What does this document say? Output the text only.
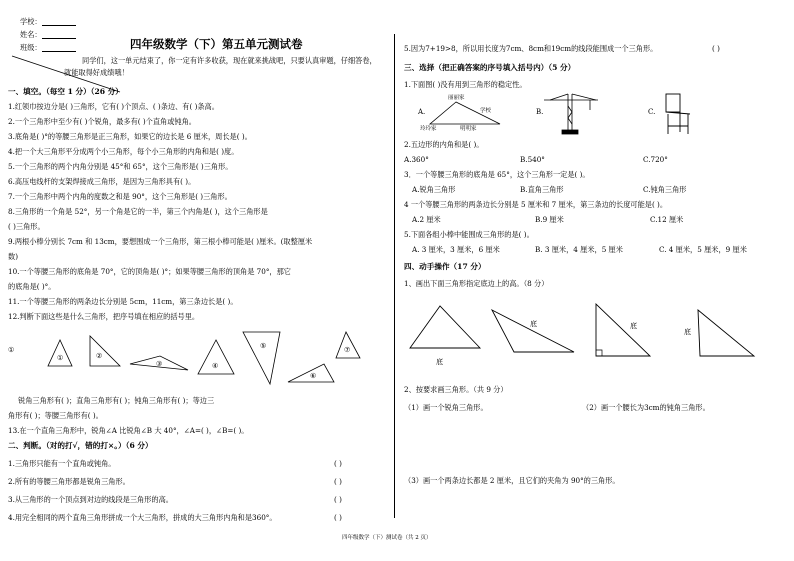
学校：
姓名：
班级：	四年级数学（下）第五单元测试卷
同学们，这一单元结束了，你一定有许多收获，现在就来挑战吧，只要认真审题，仔细答卷，
就能取得好成绩哦！
一、填空。（每空 1 分）（26 分）
1.红领巾按边分是( )三角形，它有( )个顶点、( )条边、有( )条高。
2.一个三角形中至少有( )个锐角，最多有( )个直角或钝角。
3.底角是( )°的等腰三角形是正三角形，如果它的边长是 6 厘米，周长是( )。
4.把一个大三角形平分成两个小三角形，每个小三角形的内角和是( )度。
5.一个三角形的两个内角分别是 45°和 65°，这个三角形是( )三角形。
6.高压电线杆的支架焊接成三角形，是因为三角形具有( )。
7.一个三角形中两个内角的度数之和是 90°，这个三角形是( )三角形。
8.三角形的一个角是 52°，另一个角是它的一半，第三个内角是( )，这个三角形是
( )三角形。
9.两根小棒分别长 7cm 和 13cm，要想围成一个三角形，第三根小棒可能是( )厘米。(取整厘米
数)
10.一个等腰三角形的底角是 70°，它的顶角是( )°；如果等腰三角形的顶角是 70°，那它
的底角是( )°。
11.一个等腰三角形的两条边长分别是 5cm，11cm，第三条边长是( )。
12.判断下面这些是什么三角形，把序号填在相应的括号里。
①
①	②
③	④
⑤
⑥
⑦
锐角三角形有( )；直角三角形有( )；钝角三角形有( )；等边三
角形有( )；等腰三角形有( )。
13.在一个直角三角形中，锐角∠A 比锐角∠B 大 40°，∠A=( )，∠B=( )。
二、判断。（对的打√，错的打×。）（6 分）
1.三角形只能有一个直角或钝角。	( )
2.所有的等腰三角形都是锐角三角形。	( )
3.从三角形的一个顶点到对边的线段是三角形的高。	( )
4.用完全相同的两个直角三角形拼成一个大三角形，拼成的大三角形内角和是360°。	( )
5.因为7+19>8，所以用长度为7cm、8cm和19cm的线段能围成一个三角形。	( )
三、选择（把正确答案的序号填入括号内）（5 分）
1.下面图( )没有用到三角形的稳定性。
A.
丽丽家
学校
玲玲家	明明家
B.	C.
2.五边形的内角和是( )。
A.360°	B.540°	C.720°
3．一个等腰三角形的底角是 65°，这个三角形一定是( )。
A.锐角三角形	B.直角三角形	C.钝角三角形
4 一个等腰三角形的两条边长分别是 5 厘米和 7 厘米，第三条边的长度可能是( )。
A.2 厘米	B.9 厘米	C.12 厘米
5.下面各组小棒中能围成三角形的是( )。
A. 3 厘米，3 厘米，6 厘米	B. 3 厘米，4 厘米，5 厘米	C. 4 厘米，5 厘米，9 厘米
四、动手操作（17 分）
1、画出下面三角形指定底边上的高。（8 分）
底
底	底
底
2、按要求画三角形。（共 9 分）
（1）画一个锐角三角形。	（2）画一个腰长为3cm的钝角三角形。
（3）画一个两条边长都是 2 厘米，且它们的夹角为 90°的三角形。
四年级数学（下）测试卷（共 2 页）
